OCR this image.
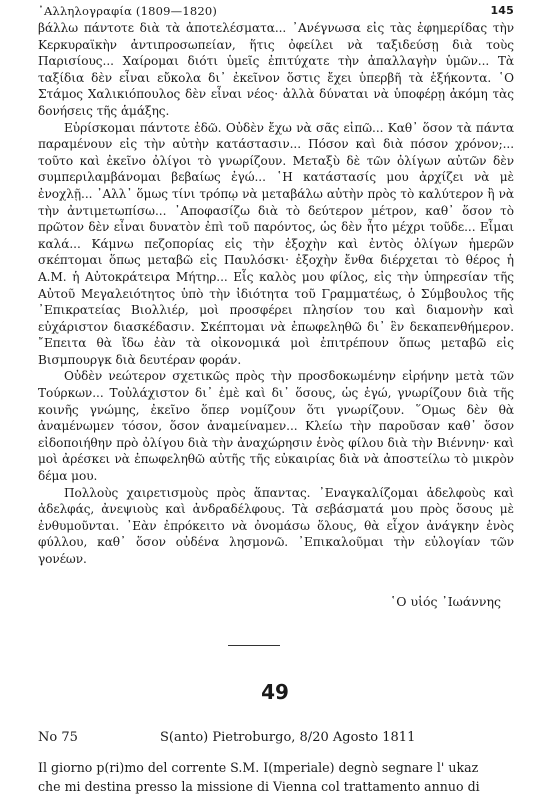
᾿Αλληλογραφία (1809—1820)	145

βάλλω πάντοτε διὰ τὰ ἀποτελέσματα... ᾿Ανέγνωσα εἰς τὰς ἐφημερίδας τὴν Κερκυραϊκὴν ἀντιπροσωπείαν, ἥτις ὀφείλει νὰ ταξιδεύσῃ διὰ τοὺς Παρισίους... Χαίρομαι διότι ὑμεῖς ἐπιτύχατε τὴν ἀπαλλαγὴν ὑμῶν... Τὰ ταξίδια δὲν εἶναι εὔκολα δι᾿ ἐκεῖνον ὅστις ἔχει ὑπερβῆ τὰ ἑξήκοντα. ῾Ο Στάμος Χαλικιόπουλος δὲν εἶναι νέος· ἀλλὰ δύναται νὰ ὑποφέρῃ ἀκόμη τὰς δονήσεις τῆς ἁμάξης.

Εὑρίσκομαι πάντοτε ἐδῶ. Οὐδὲν ἔχω νὰ σᾶς εἰπῶ... Καθ᾿ ὅσον τὰ πάντα παραμένουν εἰς τὴν αὐτὴν κατάστασιν... Πόσον καὶ διὰ πόσον χρόνον;... τοῦτο καὶ ἐκεῖνο ὀλίγοι τὸ γνωρίζουν. Μεταξὺ δὲ τῶν ὀλίγων αὐτῶν δὲν συμπεριλαμβάνομαι βεβαίως ἐγώ... ῾Η κατάστασίς μου ἀρχίζει νὰ μὲ ἐνοχλῇ... ᾿Αλλ᾿ ὅμως τίνι τρόπῳ νὰ μεταβάλω αὐτὴν πρὸς τὸ καλύτερον ἢ νὰ τὴν ἀντιμετωπίσω... ᾿Αποφασίζω διὰ τὸ δεύτερον μέτρον, καθ᾿ ὅσον τὸ πρῶτον δὲν εἶναι δυνατὸν ἐπὶ τοῦ παρόντος, ὡς δὲν ἦτο μέχρι τοῦδε... Εἶμαι καλά... Κάμνω πεζοπορίας εἰς τὴν ἐξοχὴν καὶ ἐντὸς ὀλίγων ἡμερῶν σκέπτομαι ὅπως μεταβῶ εἰς Παυλόσκι· ἐξοχὴν ἔνθα διέρχεται τὸ θέρος ἡ Α.Μ. ἡ Αὐτοκράτειρα Μήτηρ... Εἷς καλὸς μου φίλος, εἰς τὴν ὑπηρεσίαν τῆς Αὐτοῦ Μεγαλειότητος ὑπὸ τὴν ἰδιότητα τοῦ Γραμματέως, ὁ Σύμβουλος τῆς ᾿Επικρατείας Βιολλιέρ, μοὶ προσφέρει πλησίον του καὶ διαμονὴν καὶ εὐχάριστον διασκέδασιν. Σκέπτομαι νὰ ἐπωφεληθῶ δι᾿ ἓν δεκαπενθήμερον. ῎Επειτα θὰ ἴδω ἐὰν τὰ οἰκονομικά μοὶ ἐπιτρέπουν ὅπως μεταβῶ εἰς Βισμπουργκ διὰ δευτέραν φοράν.

Οὐδὲν νεώτερον σχετικῶς πρὸς τὴν προσδοκωμένην εἰρήνην μετὰ τῶν Τούρκων... Τοὐλάχιστον δι᾿ ἐμὲ καὶ δι᾿ ὅσους, ὡς ἐγώ, γνωρίζουν διὰ τῆς κοινῆς γνώμης, ἐκεῖνο ὅπερ νομίζουν ὅτι γνωρίζουν. ῞Ομως δὲν θὰ ἀναμένωμεν τόσον, ὅσον ἀναμείναμεν... Κλείω τὴν παροῦσαν καθ᾿ ὅσον εἰδοποιήθην πρὸ ὀλίγου διὰ τὴν ἀναχώρησιν ἑνὸς φίλου διὰ τὴν Βιέννην· καὶ μοὶ ἀρέσκει νὰ ἐπωφεληθῶ αὐτῆς τῆς εὐκαιρίας διὰ νὰ ἀποστείλω τὸ μικρὸν δέμα μου.

Πολλοὺς χαιρετισμοὺς πρὸς ἅπαντας. ᾿Εναγκαλίζομαι ἀδελφοὺς καὶ ἀδελφάς, ἀνεψιοὺς καὶ ἀνδραδέλφους. Τὰ σεβάσματά μου πρὸς ὅσους μὲ ἐνθυμοῦνται. ᾿Εὰν ἐπρόκειτο νὰ ὀνομάσω ὅλους, θὰ εἶχον ἀνάγκην ἑνὸς φύλλου, καθ᾿ ὅσον οὐδένα λησμονῶ. ᾿Επικαλοῦμαι τὴν εὐλογίαν τῶν γονέων.

῾Ο υἱός ᾿Ιωάννης
49
No 75	S(anto) Pietroburgo, 8/20 Agosto 1811
Il giorno p(ri)mo del corrente S.M. I(mperiale) degnò segnare l' ukaz
che mi destina presso la missione di Vienna col trattamento annuo di
